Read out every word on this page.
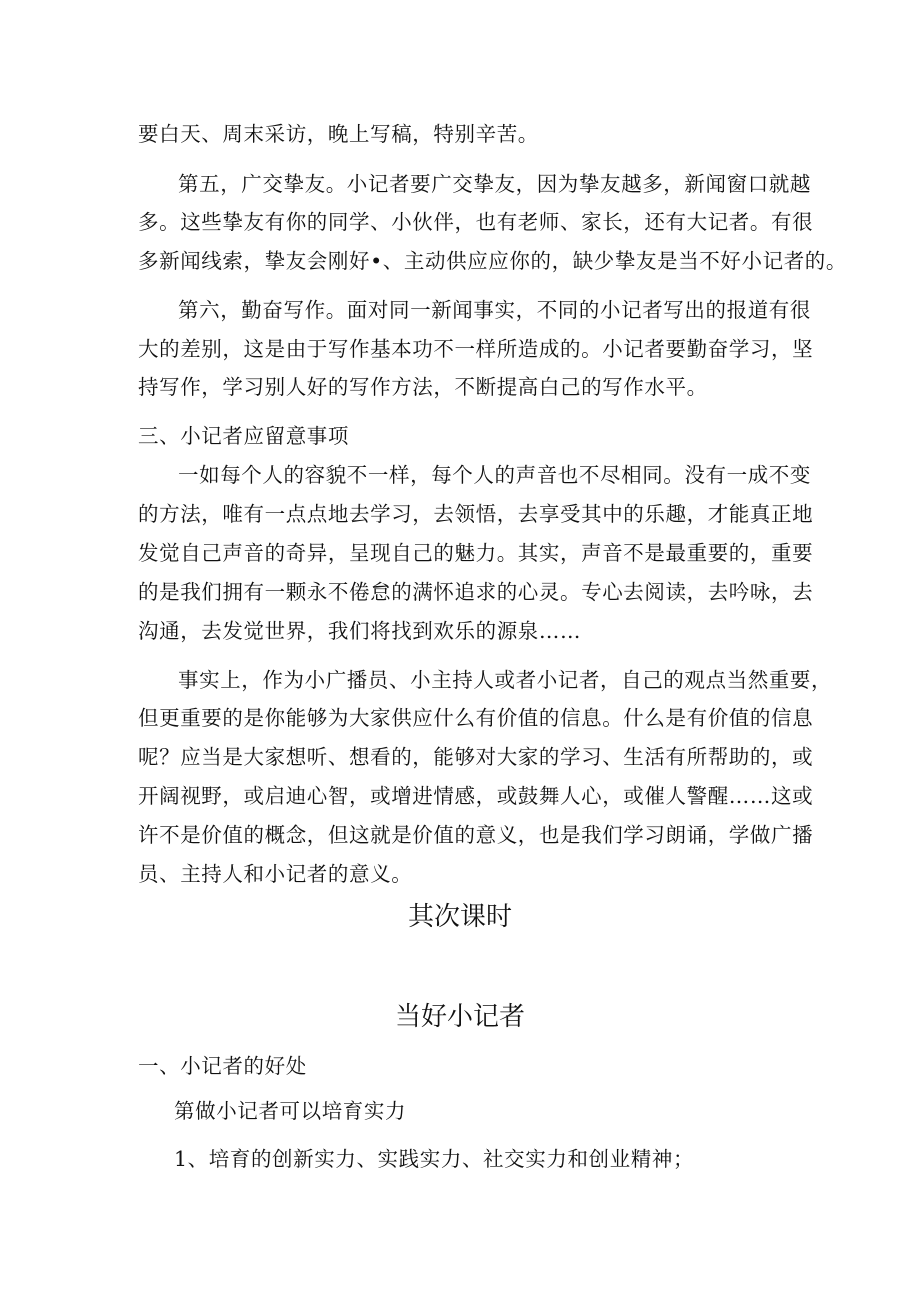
要白天、周末采访，晚上写稿，特别辛苦。
第五，广交挚友。小记者要广交挚友，因为挚友越多，新闻窗口就越
多。这些挚友有你的同学、小伙伴，也有老师、家长，还有大记者。有很
多新闻线索，挚友会刚好•、主动供应应你的，缺少挚友是当不好小记者的。
第六，勤奋写作。面对同一新闻事实，不同的小记者写出的报道有很
大的差别，这是由于写作基本功不一样所造成的。小记者要勤奋学习，坚
持写作，学习别人好的写作方法，不断提高白己的写作水平。
三、小记者应留意事项
一如每个人的容貌不一样，每个人的声音也不尽相同。没有一成不变
的方法，唯有一点点地去学习，去领悟，去享受其中的乐趣，才能真正地
发觉自己声音的奇异，呈现自己的魅力。其实，声音不是最重要的，重要
的是我们拥有一颗永不倦怠的满怀追求的心灵。专心去阅读，去吟咏，去
沟通，去发觉世界，我们将找到欢乐的源泉……
事实上，作为小广播员、小主持人或者小记者，自己的观点当然重要，
但更重要的是你能够为大家供应什么有价值的信息。什么是有价值的信息
呢？应当是大家想听、想看的，能够对大家的学习、生活有所帮助的，或
开阔视野，或启迪心智，或增进情感，或鼓舞人心，或催人警醒……这或
许不是价值的概念，但这就是价值的意义，也是我们学习朗诵，学做广播
员、主持人和小记者的意义。
其次课时
当好小记者
一、小记者的好处
第做小记者可以培育实力
1、培育的创新实力、实践实力、社交实力和创业精神；
